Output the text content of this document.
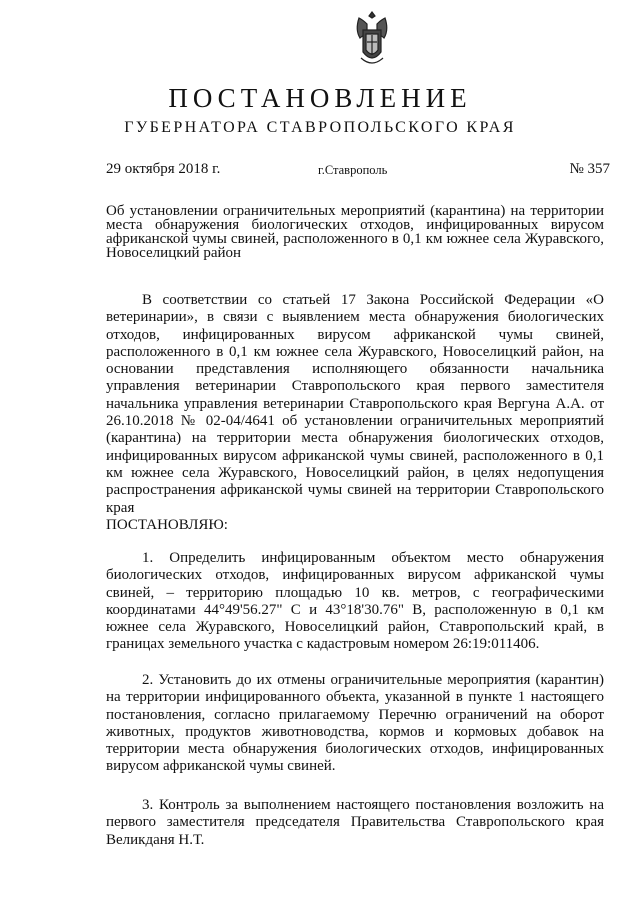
ПОСТАНОВЛЕНИЕ
ГУБЕРНАТОРА СТАВРОПОЛЬСКОГО КРАЯ
29 октября 2018 г.	г.Ставрополь	№ 357
Об установлении ограничительных мероприятий (карантина) на территории места обнаружения биологических отходов, инфицированных вирусом африканской чумы свиней, расположенного в 0,1 км южнее села Журавского, Новоселицкий район

В соответствии со статьей 17 Закона Российской Федерации «О ветеринарии», в связи с выявлением места обнаружения биологических отходов, инфицированных вирусом африканской чумы свиней, расположенного в 0,1 км южнее села Журавского, Новоселицкий район, на основании представления исполняющего обязанности начальника управления ветеринарии Ставропольского края первого заместителя начальника управления ветеринарии Ставропольского края Вергуна А.А. от 26.10.2018 № 02-04/4641 об установлении ограничительных мероприятий (карантина) на территории места обнаружения биологических отходов, инфицированных вирусом африканской чумы свиней, расположенного в 0,1 км южнее села Журавского, Новоселицкий район, в целях недопущения распространения африканской чумы свиней на территории Ставропольского края

ПОСТАНОВЛЯЮ:

1. Определить инфицированным объектом место обнаружения биологических отходов, инфицированных вирусом африканской чумы свиней, – территорию площадью 10 кв. метров, с географическими координатами 44°49'56.27" С и 43°18'30.76" В, расположенную в 0,1 км южнее села Журавского, Новоселицкий район, Ставропольский край, в границах земельного участка с кадастровым номером 26:19:011406.

2. Установить до их отмены ограничительные мероприятия (карантин) на территории инфицированного объекта, указанной в пункте 1 настоящего постановления, согласно прилагаемому Перечню ограничений на оборот животных, продуктов животноводства, кормов и кормовых добавок на территории места обнаружения биологических отходов, инфицированных вирусом африканской чумы свиней.

3. Контроль за выполнением настоящего постановления возложить на первого заместителя председателя Правительства Ставропольского края Великданя Н.Т.
